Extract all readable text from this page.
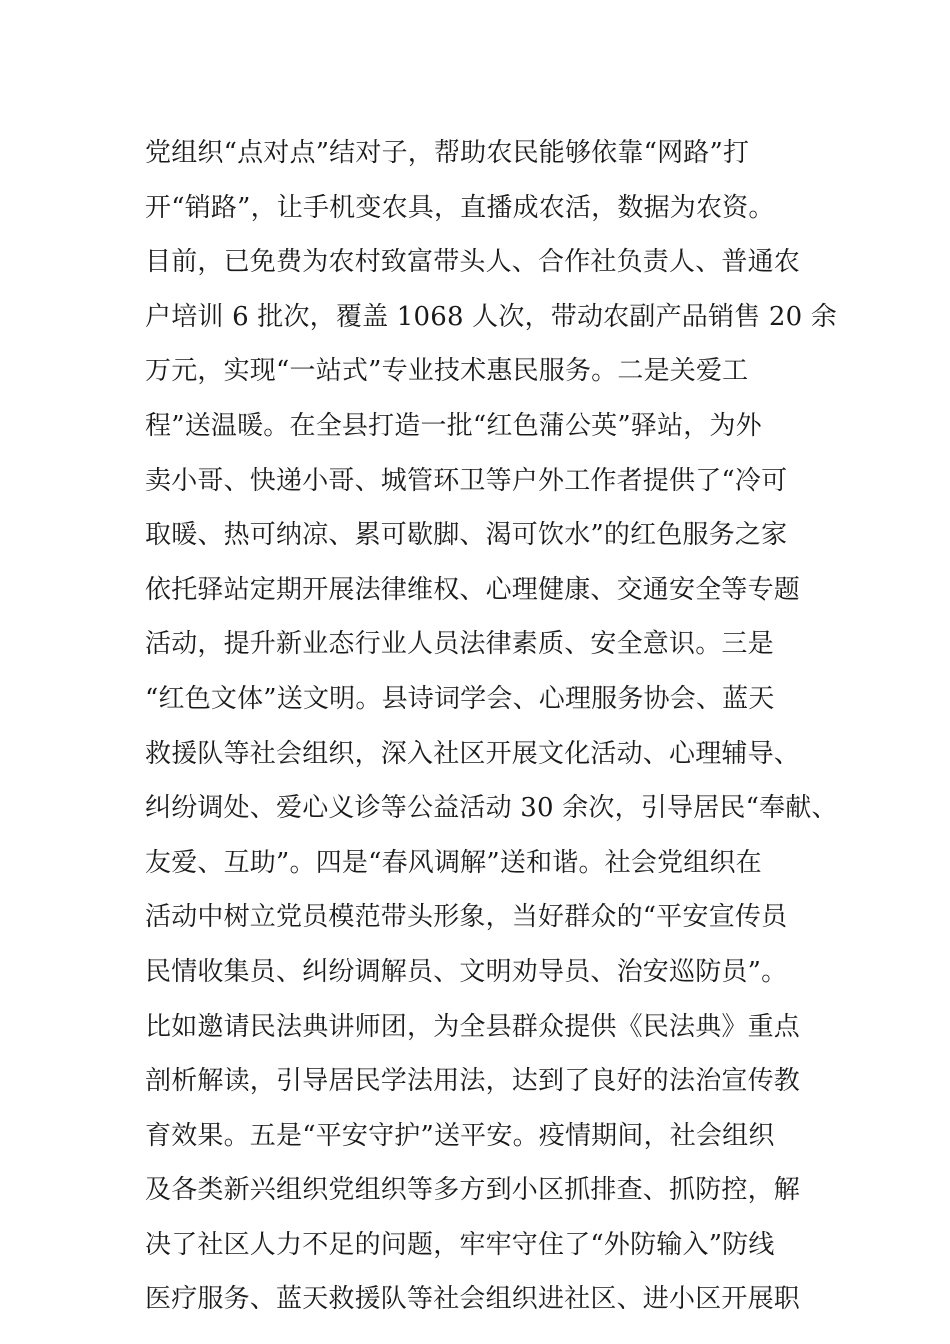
党组织“点对点”结对子，帮助农民能够依靠“网路”打
开“销路”，让手机变农具，直播成农活，数据为农资。
目前，已免费为农村致富带头人、合作社负责人、普通农
户培训 6 批次，覆盖 1068 人次，带动农副产品销售 20 余
万元，实现“一站式”专业技术惠民服务。二是关爱工
程”送温暖。在全县打造一批“红色蒲公英”驿站，为外
卖小哥、快递小哥、城管环卫等户外工作者提供了“冷可
取暖、热可纳凉、累可歇脚、渴可饮水”的红色服务之家
依托驿站定期开展法律维权、心理健康、交通安全等专题
活动，提升新业态行业人员法律素质、安全意识。三是
“红色文体”送文明。县诗词学会、心理服务协会、蓝天
救援队等社会组织，深入社区开展文化活动、心理辅导、
纠纷调处、爱心义诊等公益活动 30 余次，引导居民“奉献、
友爱、互助”。四是“春风调解”送和谐。社会党组织在
活动中树立党员模范带头形象，当好群众的“平安宣传员
民情收集员、纠纷调解员、文明劝导员、治安巡防员”。
比如邀请民法典讲师团，为全县群众提供《民法典》重点
剖析解读，引导居民学法用法，达到了良好的法治宣传教
育效果。五是“平安守护”送平安。疫情期间，社会组织
及各类新兴组织党组织等多方到小区抓排查、抓防控，解
决了社区人力不足的问题，牢牢守住了“外防输入”防线
医疗服务、蓝天救援队等社会组织进社区、进小区开展职
